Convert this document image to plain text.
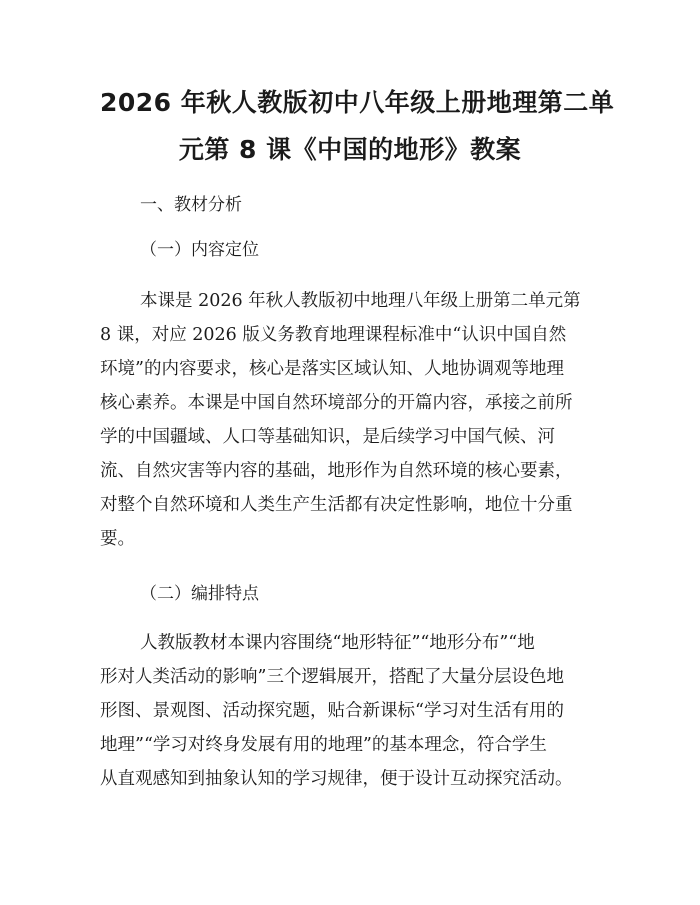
2026 年秋人教版初中八年级上册地理第二单
元第 8 课《中国的地形》教案
一、教材分析
（一）内容定位
本课是 2026 年秋人教版初中地理八年级上册第二单元第
8 课，对应 2026 版义务教育地理课程标准中“认识中国自然
环境”的内容要求，核心是落实区域认知、人地协调观等地理
核心素养。本课是中国自然环境部分的开篇内容，承接之前所
学的中国疆域、人口等基础知识，是后续学习中国气候、河
流、自然灾害等内容的基础，地形作为自然环境的核心要素，
对整个自然环境和人类生产生活都有决定性影响，地位十分重
要。
（二）编排特点
人教版教材本课内容围绕“地形特征”“地形分布”“地
形对人类活动的影响”三个逻辑展开，搭配了大量分层设色地
形图、景观图、活动探究题，贴合新课标“学习对生活有用的
地理”“学习对终身发展有用的地理”的基本理念，符合学生
从直观感知到抽象认知的学习规律，便于设计互动探究活动。
